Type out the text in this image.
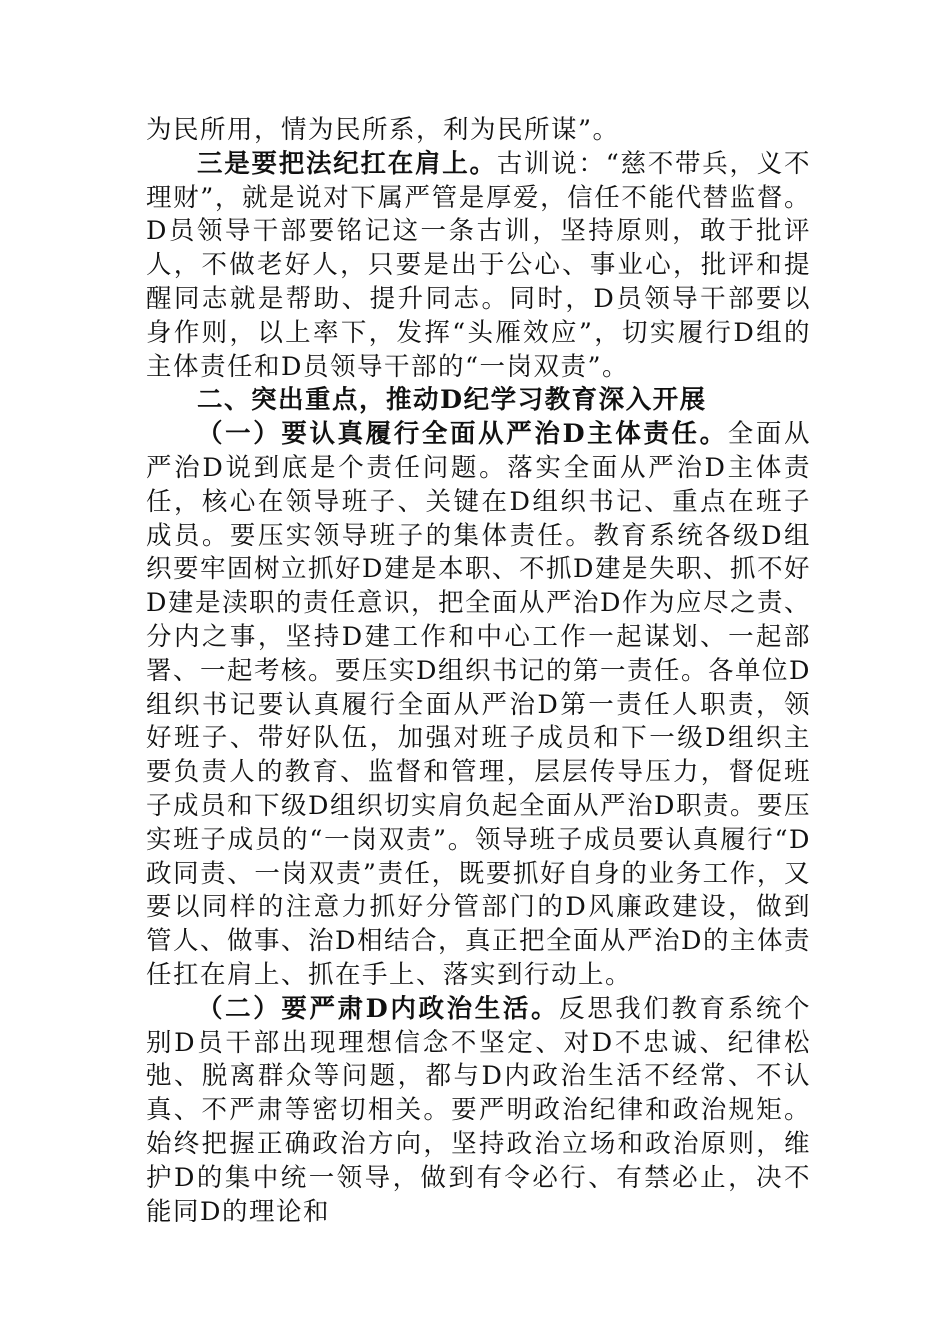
为民所用，情为民所系，利为民所谋”。

三是要把法纪扛在肩上。古训说：“慈不带兵，义不理财”，就是说对下属严管是厚爱，信任不能代替监督。D员领导干部要铭记这一条古训，坚持原则，敢于批评人，不做老好人，只要是出于公心、事业心，批评和提醒同志就是帮助、提升同志。同时，D员领导干部要以身作则，以上率下，发挥“头雁效应”，切实履行D组的主体责任和D员领导干部的“一岗双责”。

二、突出重点，推动D纪学习教育深入开展

（一）要认真履行全面从严治D主体责任。全面从严治D说到底是个责任问题。落实全面从严治D主体责任，核心在领导班子、关键在D组织书记、重点在班子成员。要压实领导班子的集体责任。教育系统各级D组织要牢固树立抓好D建是本职、不抓D建是失职、抓不好D建是渎职的责任意识，把全面从严治D作为应尽之责、分内之事，坚持D建工作和中心工作一起谋划、一起部署、一起考核。要压实D组织书记的第一责任。各单位D组织书记要认真履行全面从严治D第一责任人职责，领好班子、带好队伍，加强对班子成员和下一级D组织主要负责人的教育、监督和管理，层层传导压力，督促班子成员和下级D组织切实肩负起全面从严治D职责。要压实班子成员的“一岗双责”。领导班子成员要认真履行“D政同责、一岗双责”责任，既要抓好自身的业务工作，又要以同样的注意力抓好分管部门的D风廉政建设，做到管人、做事、治D相结合，真正把全面从严治D的主体责任扛在肩上、抓在手上、落实到行动上。

（二）要严肃D内政治生活。反思我们教育系统个别D员干部出现理想信念不坚定、对D不忠诚、纪律松弛、脱离群众等问题，都与D内政治生活不经常、不认真、不严肃等密切相关。要严明政治纪律和政治规矩。始终把握正确政治方向，坚持政治立场和政治原则，维护D的集中统一领导，做到有令必行、有禁必止，决不能同D的理论和
